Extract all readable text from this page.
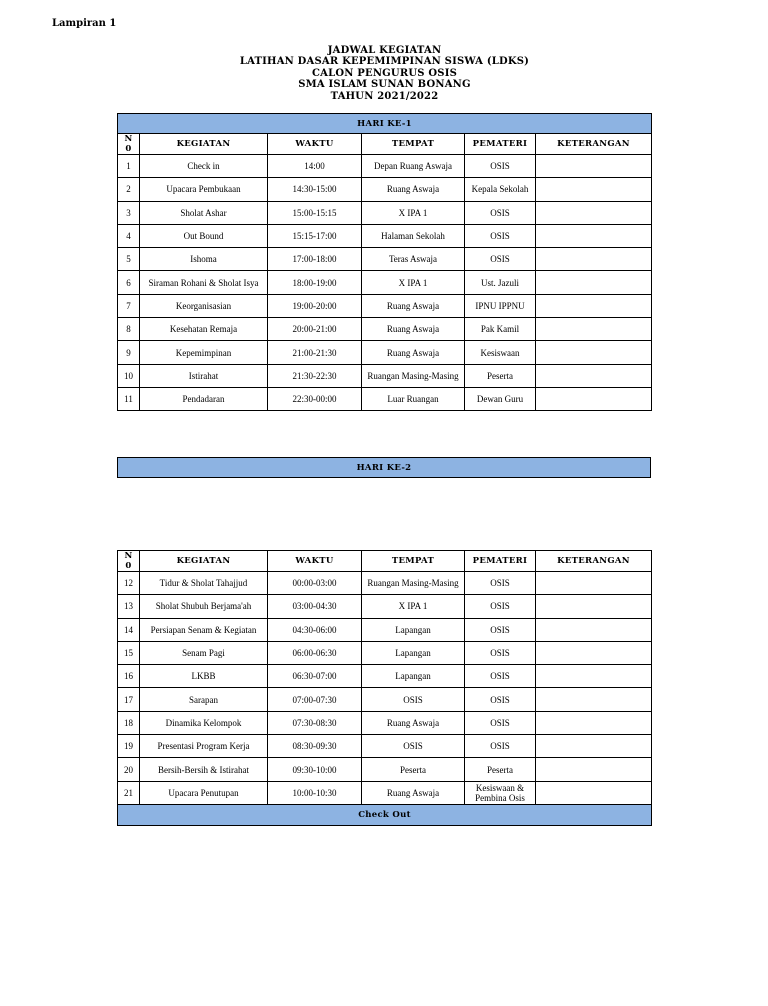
Lampiran 1
JADWAL KEGIATAN
LATIHAN DASAR KEPEMIMPINAN SISWA (LDKS)
CALON PENGURUS OSIS
SMA ISLAM SUNAN BONANG
TAHUN 2021/2022
HARI KE-1					
N
0	KEGIATAN	WAKTU	TEMPAT	PEMATERI	KETERANGAN
1	Check in	14:00	Depan Ruang Aswaja	OSIS	
2	Upacara Pembukaan	14:30-15:00	Ruang Aswaja	Kepala Sekolah	
3	Sholat Ashar	15:00-15:15	X IPA 1	OSIS	
4	Out Bound	15:15-17:00	Halaman Sekolah	OSIS	
5	Ishoma	17:00-18:00	Teras Aswaja	OSIS	
6	Siraman Rohani & Sholat Isya	18:00-19:00	X IPA 1	Ust. Jazuli	
7	Keorganisasian	19:00-20:00	Ruang Aswaja	IPNU IPPNU	
8	Kesehatan Remaja	20:00-21:00	Ruang Aswaja	Pak Kamil	
9	Kepemimpinan	21:00-21:30	Ruang Aswaja	Kesiswaan	
10	Istirahat	21:30-22:30	Ruangan Masing-Masing	Peserta	
11	Pendadaran	22:30-00:00	Luar Ruangan	Dewan Guru	
HARI KE-2
N
0	KEGIATAN	WAKTU	TEMPAT	PEMATERI	KETERANGAN
12	Tidur & Sholat Tahajjud	00:00-03:00	Ruangan Masing-Masing	OSIS	
13	Sholat Shubuh Berjama'ah	03:00-04:30	X IPA 1	OSIS	
14	Persiapan Senam & Kegiatan	04:30-06:00	Lapangan	OSIS	
15	Senam Pagi	06:00-06:30	Lapangan	OSIS	
16	LKBB	06:30-07:00	Lapangan	OSIS	
17	Sarapan	07:00-07:30	OSIS	OSIS	
18	Dinamika Kelompok	07:30-08:30	Ruang Aswaja	OSIS	
19	Presentasi Program Kerja	08:30-09:30	OSIS	OSIS	
20	Bersih-Bersih & Istirahat	09:30-10:00	Peserta	Peserta	
21	Upacara Penutupan	10:00-10:30	Ruang Aswaja	Kesiswaan &
Pembina Osis	
Check Out					
